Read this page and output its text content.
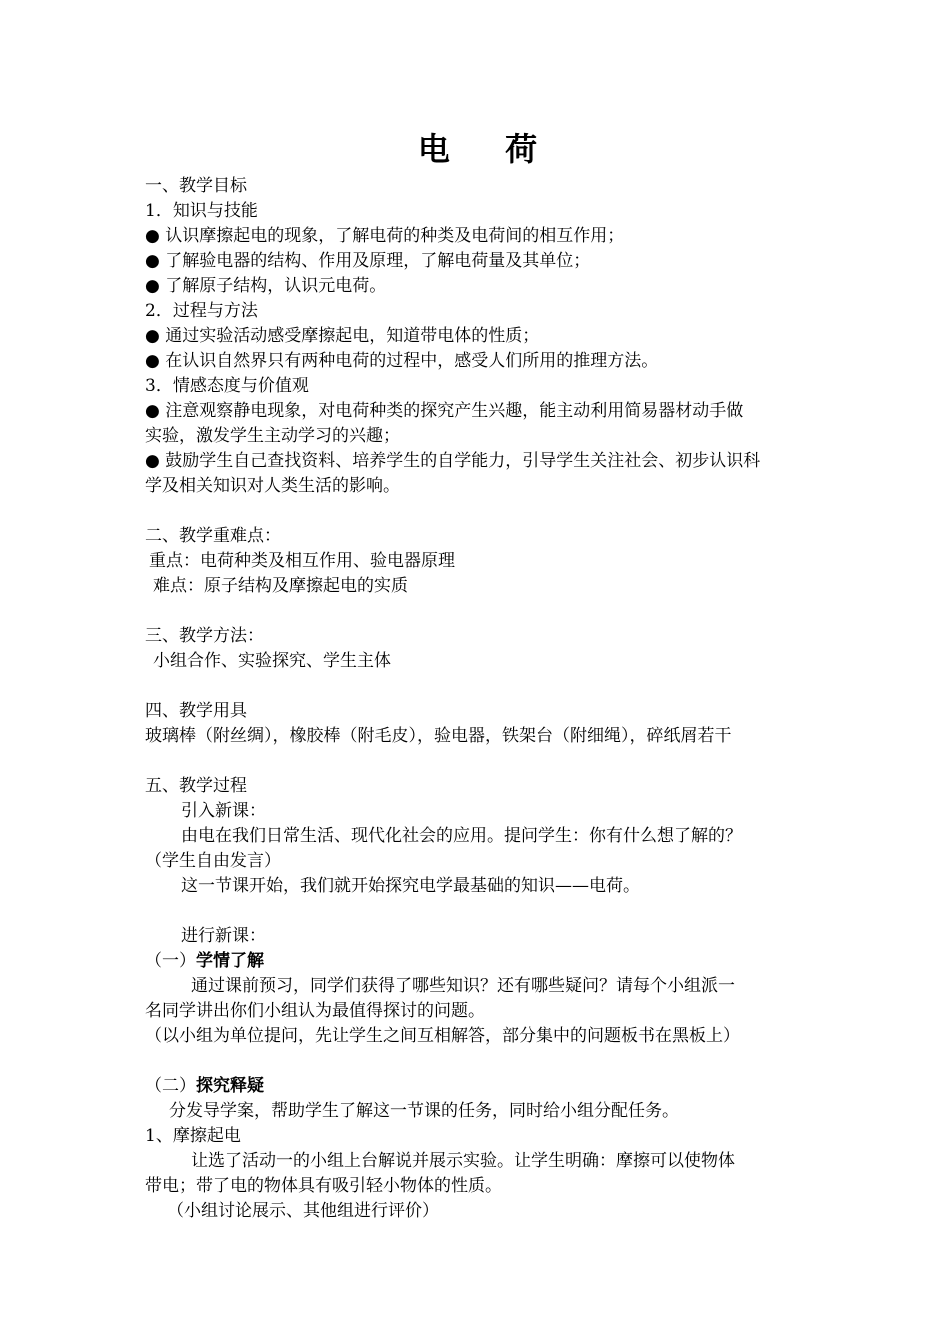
电 荷
一、教学目标
1．知识与技能
● 认识摩擦起电的现象，了解电荷的种类及电荷间的相互作用；
● 了解验电器的结构、作用及原理，了解电荷量及其单位；
● 了解原子结构，认识元电荷。
2．过程与方法
● 通过实验活动感受摩擦起电，知道带电体的性质；
● 在认识自然界只有两种电荷的过程中，感受人们所用的推理方法。
3．情感态度与价值观
● 注意观察静电现象，对电荷种类的探究产生兴趣，能主动利用简易器材动手做
实验，激发学生主动学习的兴趣；
● 鼓励学生自己查找资料、培养学生的自学能力，引导学生关注社会、初步认识科
学及相关知识对人类生活的影响。
二、教学重难点：
重点：电荷种类及相互作用、验电器原理
难点：原子结构及摩擦起电的实质
三、教学方法：
小组合作、实验探究、学生主体
四、教学用具
玻璃棒（附丝绸），橡胶棒（附毛皮），验电器，铁架台（附细绳），碎纸屑若干
五、教学过程
引入新课：
由电在我们日常生活、现代化社会的应用。提问学生：你有什么想了解的？
（学生自由发言）
这一节课开始，我们就开始探究电学最基础的知识——电荷。
进行新课：
（一）学情了解
通过课前预习，同学们获得了哪些知识？还有哪些疑问？请每个小组派一
名同学讲出你们小组认为最值得探讨的问题。
（以小组为单位提问，先让学生之间互相解答，部分集中的问题板书在黑板上）
（二）探究释疑
分发导学案，帮助学生了解这一节课的任务，同时给小组分配任务。
1、摩擦起电
让选了活动一的小组上台解说并展示实验。让学生明确：摩擦可以使物体
带电；带了电的物体具有吸引轻小物体的性质。
（小组讨论展示、其他组进行评价）
